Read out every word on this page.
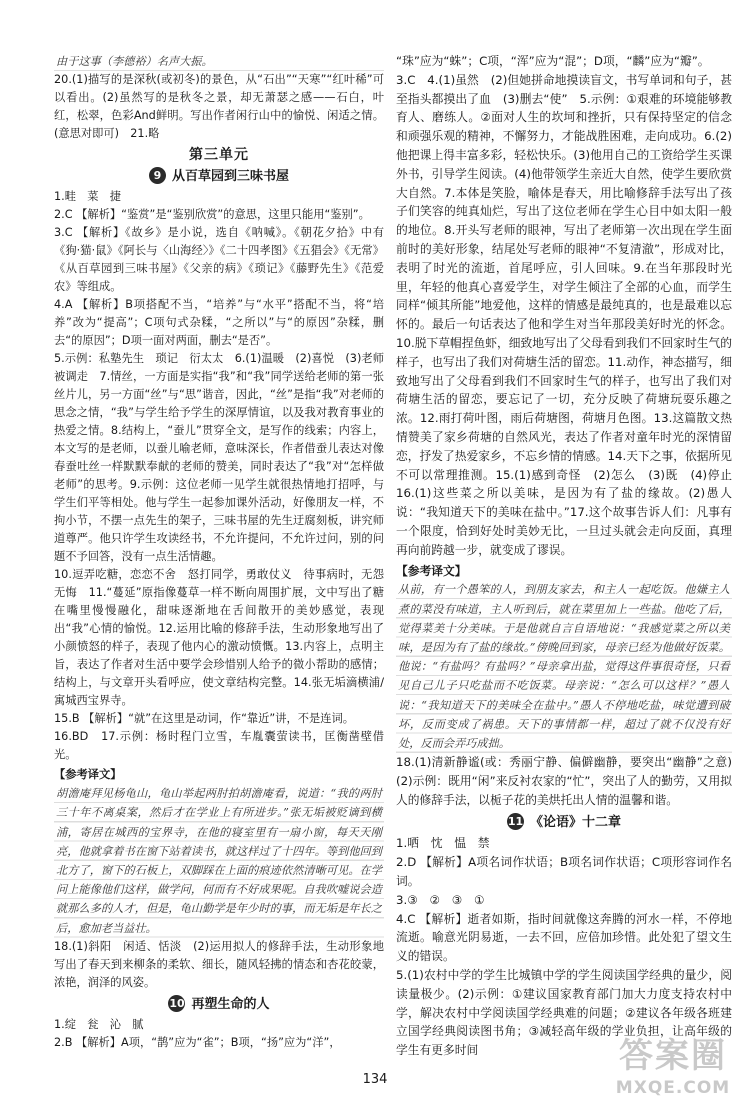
由于这事（李德裕）名声大振。

20.(1)描写的是深秋(或初冬)的景色，从“石出”“天寒”“红叶稀”可以看出。(2)虽然写的是秋冬之景，却无萧瑟之感——石白，叶红，松翠，色彩And鲜明。写出作者闲行山中的愉悦、闲适之情。(意思对即可)　21.略

第三单元
9 从百草园到三味书屋

1.畦　菜　捷

2.C 【解析】“鉴赏”是“鉴别欣赏”的意思，这里只能用“鉴别”。

3.C 【解析】《故乡》是小说，选自《呐喊》。《朝花夕拾》中有《狗·猫·鼠》《阿长与〈山海经〉》《二十四孝图》《五猖会》《无常》《从百草园到三味书屋》《父亲的病》《琐记》《藤野先生》《范爱农》等组成。

4.A 【解析】B项搭配不当，“培养”与“水平”搭配不当，将“培养”改为“提高”；C项句式杂糅，“之所以”与“的原因”杂糅，删去“的原因”；D项一面对两面，删去“是否”。

5.示例：私塾先生　琐记　衍太太　6.(1)温暖　(2)喜悦　(3)老师被调走　7.情丝，一方面是实指“我”和“我”同学送给老师的第一张丝片儿，另一方面“丝”与“思”谐音，因此，“丝”是指“我”对老师的思念之情，“我”与学生给予学生的深厚情谊，以及我对教育事业的热爱之情。8.结构上，“蚕儿”贯穿全文，是写作的线索；内容上，本文写的是老师，以蚕儿喻老师，意味深长，作者借蚕儿表达对像春蚕吐丝一样默默奉献的老师的赞美，同时表达了“我”对“怎样做老师”的思考。9.示例：这位老师一见学生就很热情地打招呼，与学生们平等相处。他与学生一起参加课外活动，好像朋友一样，不拘小节，不摆一点先生的架子，三味书屋的先生迂腐刻板，讲究师道尊严。他只许学生攻读经书，不允许提问，不允许过问，别的问题不予回答，没有一点生活情趣。

10.逗弄吃糖，恋恋不舍　怒打同学，勇敢仗义　待事病时，无怨无悔　11.“蔓延”原指像蔓草一样不断向周围扩展，文中写出了糖在嘴里慢慢融化，甜味逐渐地在舌间散开的美妙感觉，表现出“我”心情的愉悦。12.运用比喻的修辞手法，生动形象地写出了小颜愤怒的样子，表现了他内心的激动愤慨。13.内容上，点明主旨，表达了作者对生活中要学会珍惜别人给予的微小帮助的感情；结构上，与文章开头看呼应，使文章结构完整。14.张无垢滴横浦/寓城西宝界寺。

15.B 【解析】“就”在这里是动词，作“靠近”讲，不是连词。

16.BD　17.示例：杨时程门立雪，车胤囊萤读书，匡衡凿壁借光。

【参考译文】

胡澹庵拜见杨龟山，龟山举起两肘拍胡澹庵看，说道：“我的两肘三十年不离桌案，然后才在学业上有所进步。”张无垢被贬谪到横浦，寄居在城西的宝界寺，在他的寝室里有一扇小窗，每天天刚亮，他就拿着书在窗下站着读书，就这样过了十四年。等到他回到北方了，窗下的石板上，双脚踩在上面的痕迹依然清晰可见。在学问上能像他们这样，做学问，何而有不好成果呢。自我吹嘘说会造就那么多的人才，但是，龟山勤学是年少时的事，而无垢是年长之后，愈加老当益壮。

18.(1)斜阳　闲适、恬淡　(2)运用拟人的修辞手法，生动形象地写出了春天到来柳条的柔软、细长，随风轻拂的情态和杏花皎蒙，浓艳，润泽的风姿。

10 再塑生命的人

1.绽　瓮　沁　腻

2.B 【解析】A项，“鹊”应为“雀”；B项，“扬”应为“洋”，

“珠”应为“蛛”；C项，“浑”应为“混”；D项，“麟”应为“瓣”。

3.C　4.(1)虽然　(2)但她拼命地摸读盲文，书写单词和句子，甚至指头都摸出了血　(3)删去“使”　5.示例：①艰难的环境能够教育人、磨练人。②面对人生的坎坷和挫折，只有保持坚定的信念和顽强乐观的精神，不懈努力，才能战胜困难，走向成功。6.(2)他把课上得丰富多彩，轻松快乐。(3)他用自己的工资给学生买课外书，引导学生阅读。(4)他带领学生亲近大自然，使学生要欣赏大自然。7.本体是笑脸，喻体是春天，用比喻修辞手法写出了孩子们笑容的纯真灿烂，写出了这位老师在学生心目中如太阳一般的地位。8.开头写老师的眼神，写出了老师第一次出现在学生面前时的美好形象，结尾处写老师的眼神“不复清澈”，形成对比，表明了时光的流逝，首尾呼应，引人回味。9.在当年那段时光里，年轻的他真心喜爱学生，对学生倾注了全部的心血，而学生同样“倾其所能”地爱他，这样的情感是最纯真的，也是最难以忘怀的。最后一句话表达了他和学生对当年那段美好时光的怀念。10.脱下草帽捏鱼虾，细致地写出了父母看到我们不回家时生气的样子，也写出了我们对荷塘生活的留恋。11.动作，神态描写，细致地写出了父母看到我们不回家时生气的样子，也写出了我们对荷塘生活的留恋，要忘记了一切，充分反映了荷塘玩耍乐趣之浓。12.雨打荷叶图，雨后荷塘图，荷塘月色图。13.这篇散文热情赞美了家乡荷塘的自然风光，表达了作者对童年时光的深情留恋，抒发了热爱家乡，不忘乡情的情感。14.天下之事，依据所见不可以常理推测。15.(1)感到奇怪　(2)怎么　(3)既　(4)停止　16.(1)这些菜之所以美味，是因为有了盐的缘故。(2)愚人说：“我知道天下的美味在盐中。”17.这个故事告诉人们：凡事有一个限度，恰到好处时美妙无比，一旦过头就会走向反面，真理再向前跨越一步，就变成了谬误。

【参考译文】

从前，有一个愚笨的人，到朋友家去，和主人一起吃饭。他嫌主人煮的菜没有味道，主人听到后，就在菜里加上一些盐。他吃了后，觉得菜美十分美味。于是他就自言自语地说：“我感觉菜之所以美味，是因为有了盐的缘故。”傍晚回到家，母亲已经为他做好饭菜。他说：“有盐吗？有盐吗？”母亲拿出盐，觉得这件事很奇怪，只看见自己儿子只吃盐而不吃饭菜。母亲说：“怎么可以这样？”愚人说：“我知道天下的美味全在盐中。”愚人不停地吃盐，味觉遭到破坏，反而变成了祸患。天下的事情都一样，超过了就不仅没有好处，反而会弄巧成拙。

18.(1)清新静谧(或：秀丽宁静、偏僻幽静，要突出“幽静”之意)　(2)示例：既用“闲”来反衬农家的“忙”，突出了人的勤劳，又用拟人的修辞手法，以栀子花的美烘托出人情的温馨和谐。

11 《论语》十二章

1.哂　忱　愠　禁

2.D 【解析】A项名词作状语；B项名词作状语；C项形容词作名词。

3.③　②　③　①

4.C 【解析】逝者如斯，指时间就像这奔腾的河水一样，不停地流逝。喻意光阴易逝，一去不回，应倍加珍惜。此处犯了望文生义的错误。

5.(1)农村中学的学生比城镇中学的学生阅读国学经典的量少，阅读量极少。(2)示例：①建议国家教育部门加大力度支持农村中学，解决农村中学阅读国学经典难的问题；②建议各年级各班建立国学经典阅读图书角；③减轻高年级的学业负担，让高年级的学生有更多时间

134
答案圈
MXQE.COM
